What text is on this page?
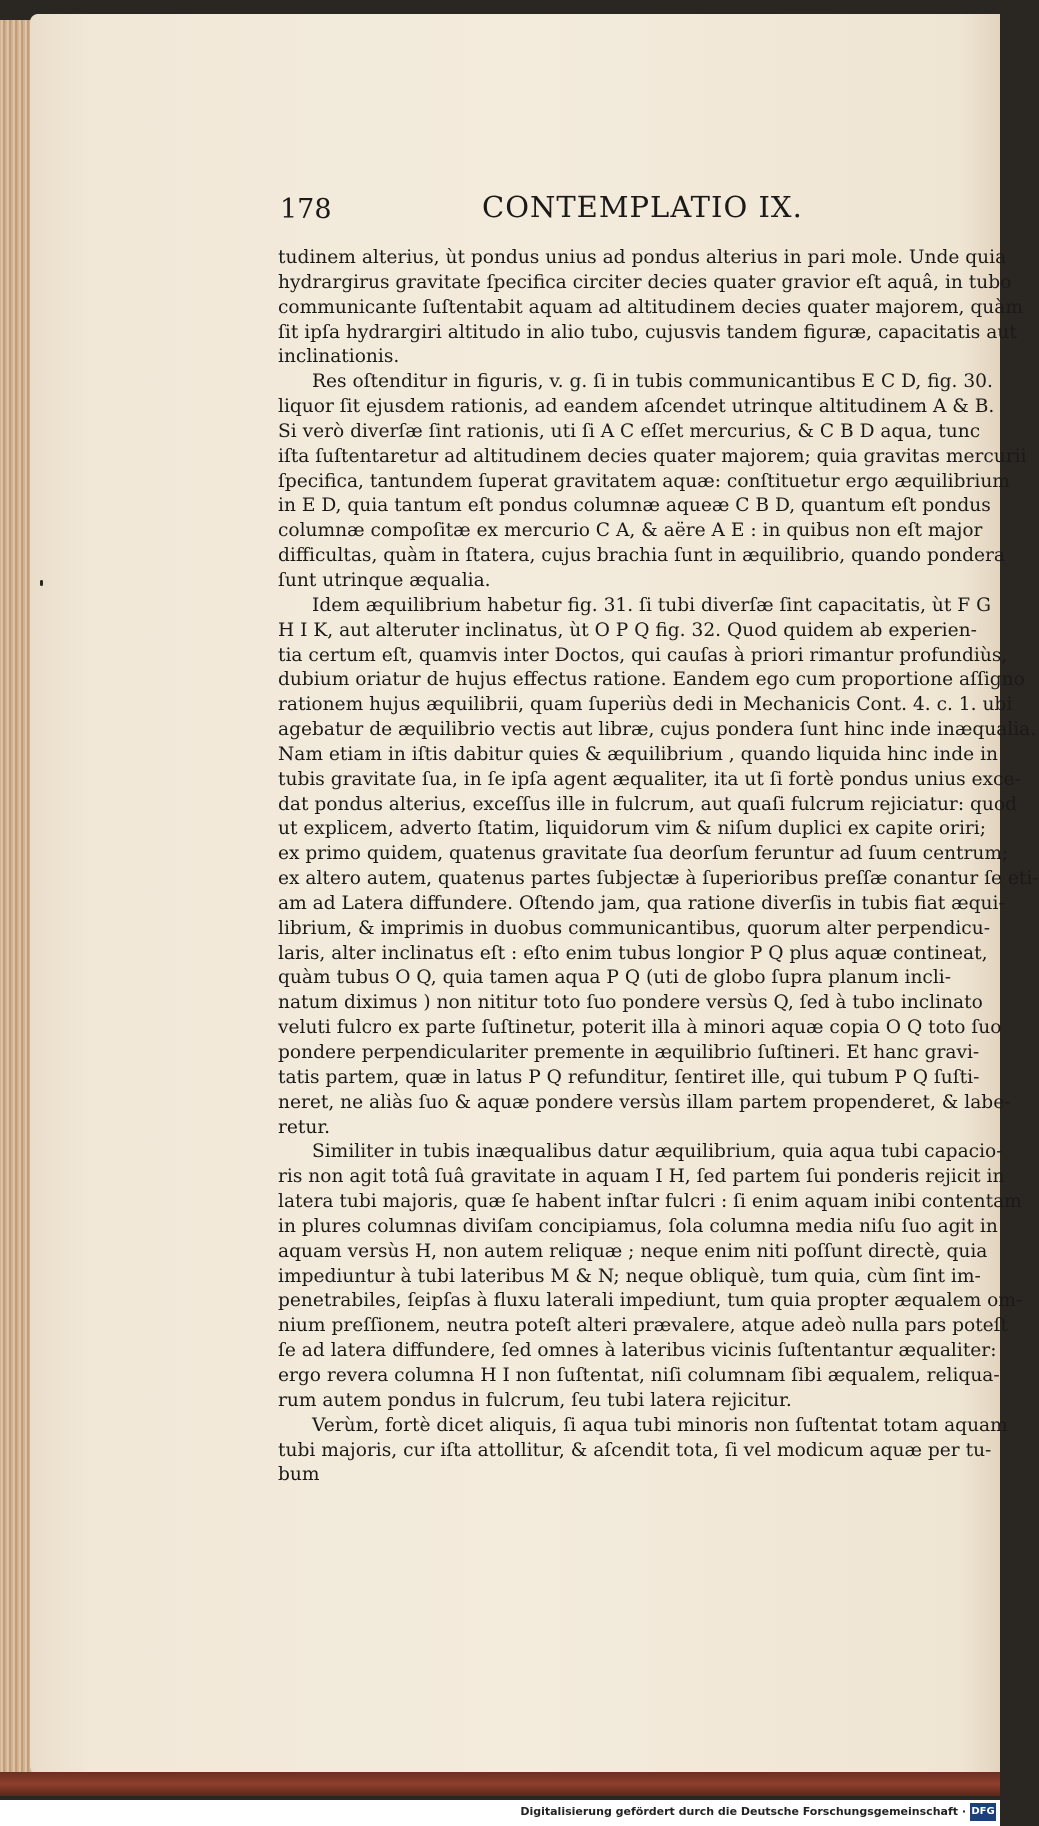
178	CONTEMPLATIO IX.
tudinem alterius, ùt pondus unius ad pondus alterius in pari mole. Unde quia
hydrargirus gravitate ſpecifica circiter decies quater gravior eſt aquâ, in tubo
communicante ſuſtentabit aquam ad altitudinem decies quater majorem, quàm
ſit ipſa hydrargiri altitudo in alio tubo, cujusvis tandem figuræ, capacitatis aut
inclinationis.
Res oſtenditur in figuris, v. g. ſi in tubis communicantibus E C D, fig. 30.
liquor ſit ejusdem rationis, ad eandem aſcendet utrinque altitudinem A & B.
Si verò diverſæ ſint rationis, uti ſi A C eſſet mercurius, & C B D aqua, tunc
iſta ſuſtentaretur ad altitudinem decies quater majorem; quia gravitas mercurii
ſpecifica, tantundem ſuperat gravitatem aquæ: conſtituetur ergo æquilibrium
in E D, quia tantum eſt pondus columnæ aqueæ C B D, quantum eſt pondus
columnæ compoſitæ ex mercurio C A, & aëre A E : in quibus non eſt major
difficultas, quàm in ſtatera, cujus brachia ſunt in æquilibrio, quando pondera
ſunt utrinque æqualia.
Idem æquilibrium habetur fig. 31. ſi tubi diverſæ ſint capacitatis, ùt F G
H I K, aut alteruter inclinatus, ùt O P Q fig. 32. Quod quidem ab experien-
tia certum eſt, quamvis inter Doctos, qui cauſas à priori rimantur profundiùs,
dubium oriatur de hujus effectus ratione. Eandem ego cum proportione aſſigno
rationem hujus æquilibrii, quam ſuperiùs dedi in Mechanicis Cont. 4. c. 1. ubi
agebatur de æquilibrio vectis aut libræ, cujus pondera ſunt hinc inde inæqualia.
Nam etiam in iſtis dabitur quies & æquilibrium , quando liquida hinc inde in
tubis gravitate ſua, in ſe ipſa agent æqualiter, ita ut ſi fortè pondus unius exce-
dat pondus alterius, exceſſus ille in fulcrum, aut quaſi fulcrum rejiciatur: quod
ut explicem, adverto ſtatim, liquidorum vim & niſum duplici ex capite oriri;
ex primo quidem, quatenus gravitate ſua deorſum feruntur ad ſuum centrum;
ex altero autem, quatenus partes ſubjectæ à ſuperioribus preſſæ conantur ſe eti-
am ad Latera diffundere. Oſtendo jam, qua ratione diverſis in tubis fiat æqui-
librium, & imprimis in duobus communicantibus, quorum alter perpendicu-
laris, alter inclinatus eſt : eſto enim tubus longior P Q plus aquæ contineat,
quàm tubus O Q, quia tamen aqua P Q (uti de globo ſupra planum incli-
natum diximus ) non nititur toto ſuo pondere versùs Q, ſed à tubo inclinato
veluti fulcro ex parte ſuſtinetur, poterit illa à minori aquæ copia O Q toto ſuo
pondere perpendiculariter premente in æquilibrio ſuſtineri. Et hanc gravi-
tatis partem, quæ in latus P Q refunditur, ſentiret ille, qui tubum P Q ſuſti-
neret, ne aliàs ſuo & aquæ pondere versùs illam partem propenderet, & labe-
retur.
Similiter in tubis inæqualibus datur æquilibrium, quia aqua tubi capacio-
ris non agit totâ ſuâ gravitate in aquam I H, ſed partem ſui ponderis rejicit in
latera tubi majoris, quæ ſe habent inſtar fulcri : ſi enim aquam inibi contentam
in plures columnas diviſam concipiamus, ſola columna media niſu ſuo agit in
aquam versùs H, non autem reliquæ ; neque enim niti poſſunt directè, quia
impediuntur à tubi lateribus M & N; neque obliquè, tum quia, cùm ſint im-
penetrabiles, ſeipſas à fluxu laterali impediunt, tum quia propter æqualem om-
nium preſſionem, neutra poteſt alteri prævalere, atque adeò nulla pars poteſt
ſe ad latera diffundere, ſed omnes à lateribus vicinis ſuſtentantur æqualiter:
ergo revera columna H I non ſuſtentat, niſi columnam ſibi æqualem, reliqua-
rum autem pondus in fulcrum, ſeu tubi latera rejicitur.
Verùm, fortè dicet aliquis, ſi aqua tubi minoris non ſuſtentat totam aquam
tubi majoris, cur iſta attollitur, & aſcendit tota, ſi vel modicum aquæ per tu-
bum
Digitalisierung gefördert durch die Deutsche Forschungsgemeinschaft · DFG
